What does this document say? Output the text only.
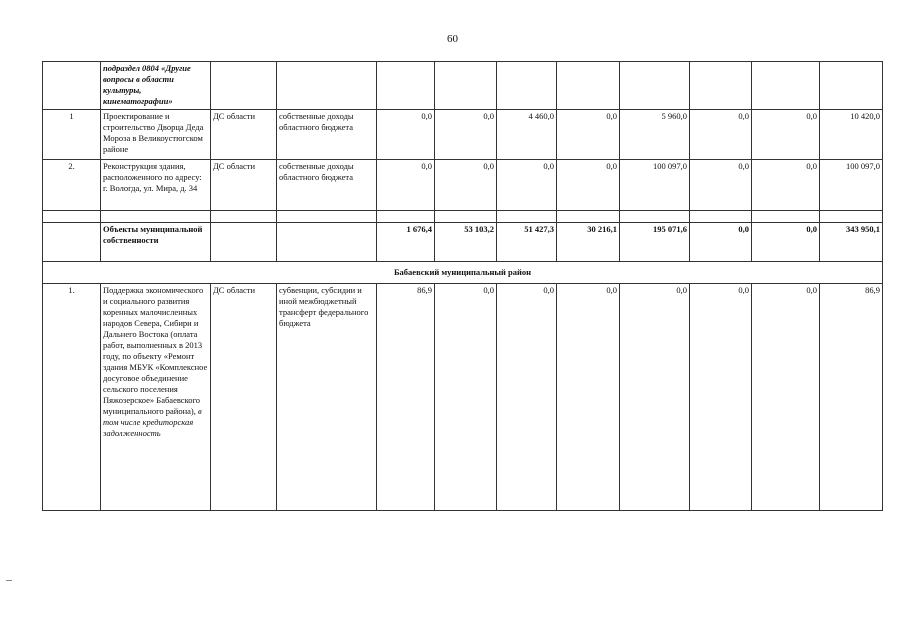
60
	подраздел 0804 «Другие вопросы в области культуры, кинематографии»										
1	Проектирование и строительство Дворца Деда Мороза в Великоустюгском районе	ДС области	собственные доходы областного бюджета	0,0	0,0	4 460,0	0,0	5 960,0	0,0	0,0	10 420,0
2.	Реконструкция здания, расположенного по адресу: г. Вологда, ул. Мира, д. 34	ДС области	собственные доходы областного бюджета	0,0	0,0	0,0	0,0	100 097,0	0,0	0,0	100 097,0

	Объекты муниципальной собственности			1 676,4	53 103,2	51 427,3	30 216,1	195 071,6	0,0	0,0	343 950,1
Бабаевский муниципальный район											
1.	Поддержка экономического и социального развития коренных малочисленных народов Севера, Сибири и Дальнего Востока (оплата работ, выполненных в 2013 году, по объекту «Ремонт здания МБУК «Комплексное досуговое объединение сельского поселения Пяжозерское» Бабаевского муниципального района), в том числе кредиторская задолженность	ДС области	субвенции, субсидии и иной межбюджетный трансферт федерального бюджета	86,9	0,0	0,0	0,0	0,0	0,0	0,0	86,9
